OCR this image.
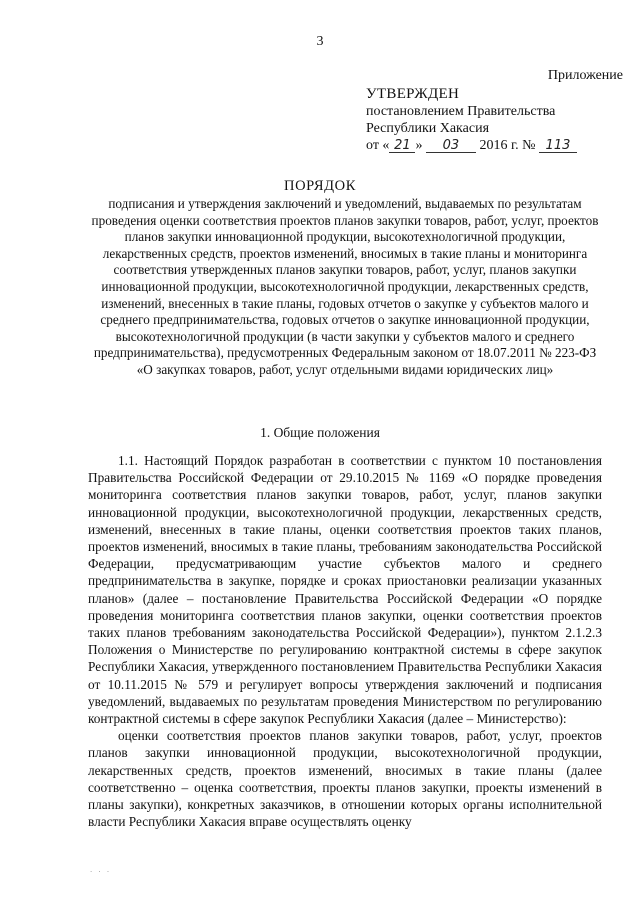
3
Приложение
УТВЕРЖДЕН
постановлением Правительства
Республики Хакасия
от « 21 » 03 2016 г. № 113
ПОРЯДОК
подписания и утверждения заключений и уведомлений, выдаваемых по результатам проведения оценки соответствия проектов планов закупки товаров, работ, услуг, проектов планов закупки инновационной продукции, высокотехнологичной продукции, лекарственных средств, проектов изменений, вносимых в такие планы и мониторинга соответствия утвержденных планов закупки товаров, работ, услуг, планов закупки инновационной продукции, высокотехнологичной продукции, лекарственных средств, изменений, внесенных в такие планы, годовых отчетов о закупке у субъектов малого и среднего предпринимательства, годовых отчетов о закупке инновационной продукции, высокотехнологичной продукции (в части закупки у субъектов малого и среднего предпринимательства), предусмотренных Федеральным законом от 18.07.2011 № 223-ФЗ «О закупках товаров, работ, услуг отдельными видами юридических лиц»
1. Общие положения

1.1. Настоящий Порядок разработан в соответствии с пунктом 10 постановления Правительства Российской Федерации от 29.10.2015 № 1169 «О порядке проведения мониторинга соответствия планов закупки товаров, работ, услуг, планов закупки инновационной продукции, высокотехнологичной продукции, лекарственных средств, изменений, внесенных в такие планы, оценки соответствия проектов таких планов, проектов изменений, вносимых в такие планы, требованиям законодательства Российской Федерации, предусматривающим участие субъектов малого и среднего предпринимательства в закупке, порядке и сроках приостановки реализации указанных планов» (далее – постановление Правительства Российской Федерации «О порядке проведения мониторинга соответствия планов закупки, оценки соответствия проектов таких планов требованиям законодательства Российской Федерации»), пунктом 2.1.2.3 Положения о Министерстве по регулированию контрактной системы в сфере закупок Республики Хакасия, утвержденного постановлением Правительства Республики Хакасия от 10.11.2015 № 579 и регулирует вопросы утверждения заключений и подписания уведомлений, выдаваемых по результатам проведения Министерством по регулированию контрактной системы в сфере закупок Республики Хакасия (далее – Министерство):

оценки соответствия проектов планов закупки товаров, работ, услуг, проектов планов закупки инновационной продукции, высокотехнологичной продукции, лекарственных средств, проектов изменений, вносимых в такие планы (далее соответственно – оценка соответствия, проекты планов закупки, проекты изменений в планы закупки), конкретных заказчиков, в отношении которых органы исполнительной власти Республики Хакасия вправе осуществлять оценку

· · ·
